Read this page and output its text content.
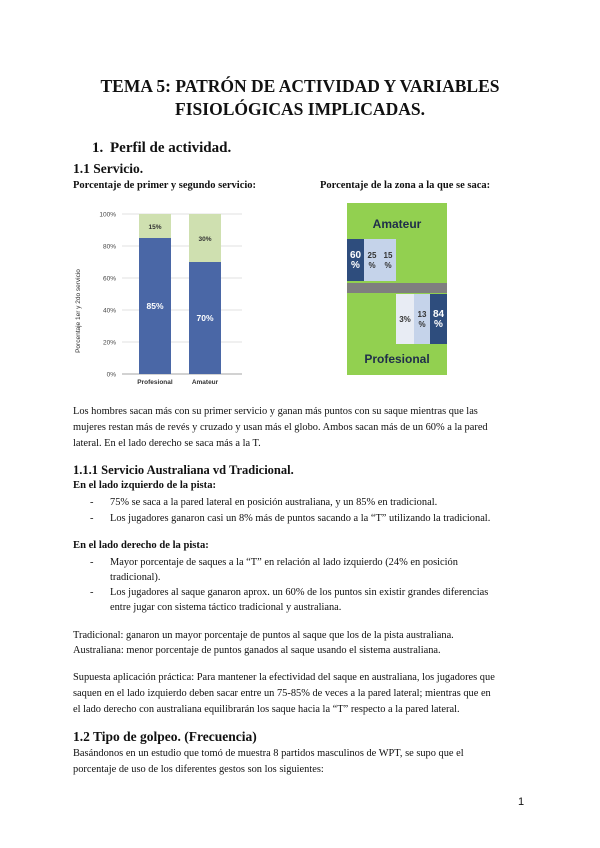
TEMA 5: PATRÓN DE ACTIVIDAD Y VARIABLES
FISIOLÓGICAS IMPLICADAS.
1. Perfil de actividad.
1.1 Servicio.
Porcentaje de primer y segundo servicio:	Porcentaje de la zona a la que se saca:
0%
20%
40%
60%
80%
100%
85%
15%
Profesional
70%
30%
Amateur
Porcentaje 1er y 2do servicio
Amateur
Profesional
60
%
25
%
15
%
3%
13
%
84
%
Los hombres sacan más con su primer servicio y ganan más puntos con su saque mientras que las
mujeres restan más de revés y cruzado y usan más el globo. Ambos sacan más de un 60% a la pared
lateral. En el lado derecho se saca más a la T.
1.1.1 Servicio Australiana vd Tradicional.
En el lado izquierdo de la pista:
- 75% se saca a la pared lateral en posición australiana, y un 85% en tradicional.
- Los jugadores ganaron casi un 8% más de puntos sacando a la “T” utilizando la tradicional.
En el lado derecho de la pista:
- Mayor porcentaje de saques a la “T” en relación al lado izquierdo (24% en posición
tradicional).
- Los jugadores al saque ganaron aprox. un 60% de los puntos sin existir grandes diferencias
entre jugar con sistema táctico tradicional y australiana.
Tradicional: ganaron un mayor porcentaje de puntos al saque que los de la pista australiana.
Australiana: menor porcentaje de puntos ganados al saque usando el sistema australiana.
Supuesta aplicación práctica: Para mantener la efectividad del saque en australiana, los jugadores que
saquen en el lado izquierdo deben sacar entre un 75-85% de veces a la pared lateral; mientras que en
el lado derecho con australiana equilibrarán los saque hacia la “T” respecto a la pared lateral.
1.2 Tipo de golpeo. (Frecuencia)
Basándonos en un estudio que tomó de muestra 8 partidos masculinos de WPT, se supo que el
porcentaje de uso de los diferentes gestos son los siguientes:
1
